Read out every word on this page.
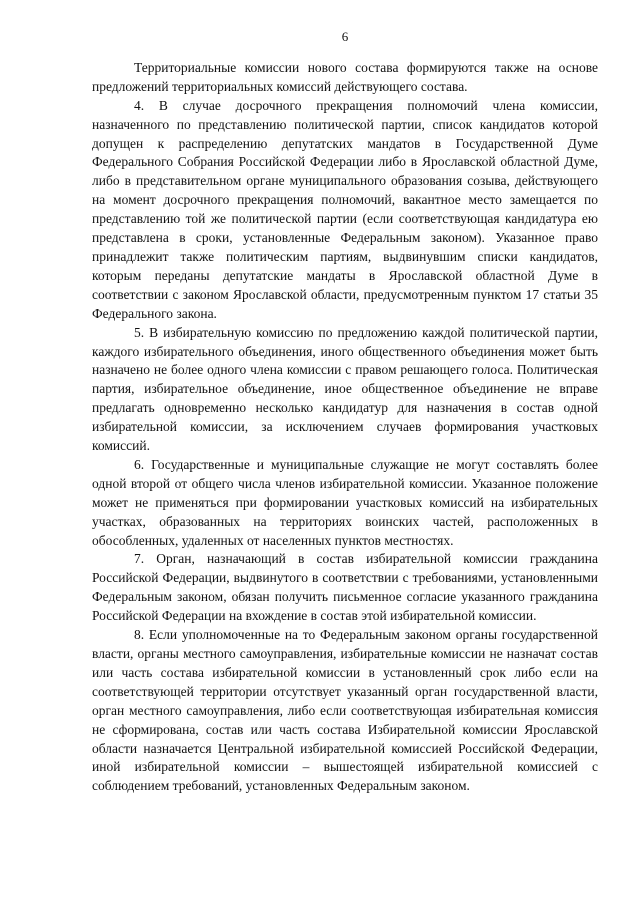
6

Территориальные комиссии нового состава формируются также на основе предложений территориальных комиссий действующего состава.

4. В случае досрочного прекращения полномочий члена комиссии, назначенного по представлению политической партии, список кандидатов которой допущен к распределению депутатских мандатов в Государственной Думе Федерального Собрания Российской Федерации либо в Ярославской областной Думе, либо в представительном органе муниципального образования созыва, действующего на момент досрочного прекращения полномочий, вакантное место замещается по представлению той же политической партии (если соответствующая кандидатура ею представлена в сроки, установленные Федеральным законом). Указанное право принадлежит также политическим партиям, выдвинувшим списки кандидатов, которым переданы депутатские мандаты в Ярославской областной Думе в соответствии с законом Ярославской области, предусмотренным пунктом 17 статьи 35 Федерального закона.

5. В избирательную комиссию по предложению каждой политической партии, каждого избирательного объединения, иного общественного объединения может быть назначено не более одного члена комиссии с правом решающего голоса. Политическая партия, избирательное объединение, иное общественное объединение не вправе предлагать одновременно несколько кандидатур для назначения в состав одной избирательной комиссии, за исключением случаев формирования участковых комиссий.

6. Государственные и муниципальные служащие не могут составлять более одной второй от общего числа членов избирательной комиссии. Указанное положение может не применяться при формировании участковых комиссий на избирательных участках, образованных на территориях воинских частей, расположенных в обособленных, удаленных от населенных пунктов местностях.

7. Орган, назначающий в состав избирательной комиссии гражданина Российской Федерации, выдвинутого в соответствии с требованиями, установленными Федеральным законом, обязан получить письменное согласие указанного гражданина Российской Федерации на вхождение в состав этой избирательной комиссии.

8. Если уполномоченные на то Федеральным законом органы государственной власти, органы местного самоуправления, избирательные комиссии не назначат состав или часть состава избирательной комиссии в установленный срок либо если на соответствующей территории отсутствует указанный орган государственной власти, орган местного самоуправления, либо если соответствующая избирательная комиссия не сформирована, состав или часть состава Избирательной комиссии Ярославской области назначается Центральной избирательной комиссией Российской Федерации, иной избирательной комиссии – вышестоящей избирательной комиссией с соблюдением требований, установленных Федеральным законом.
